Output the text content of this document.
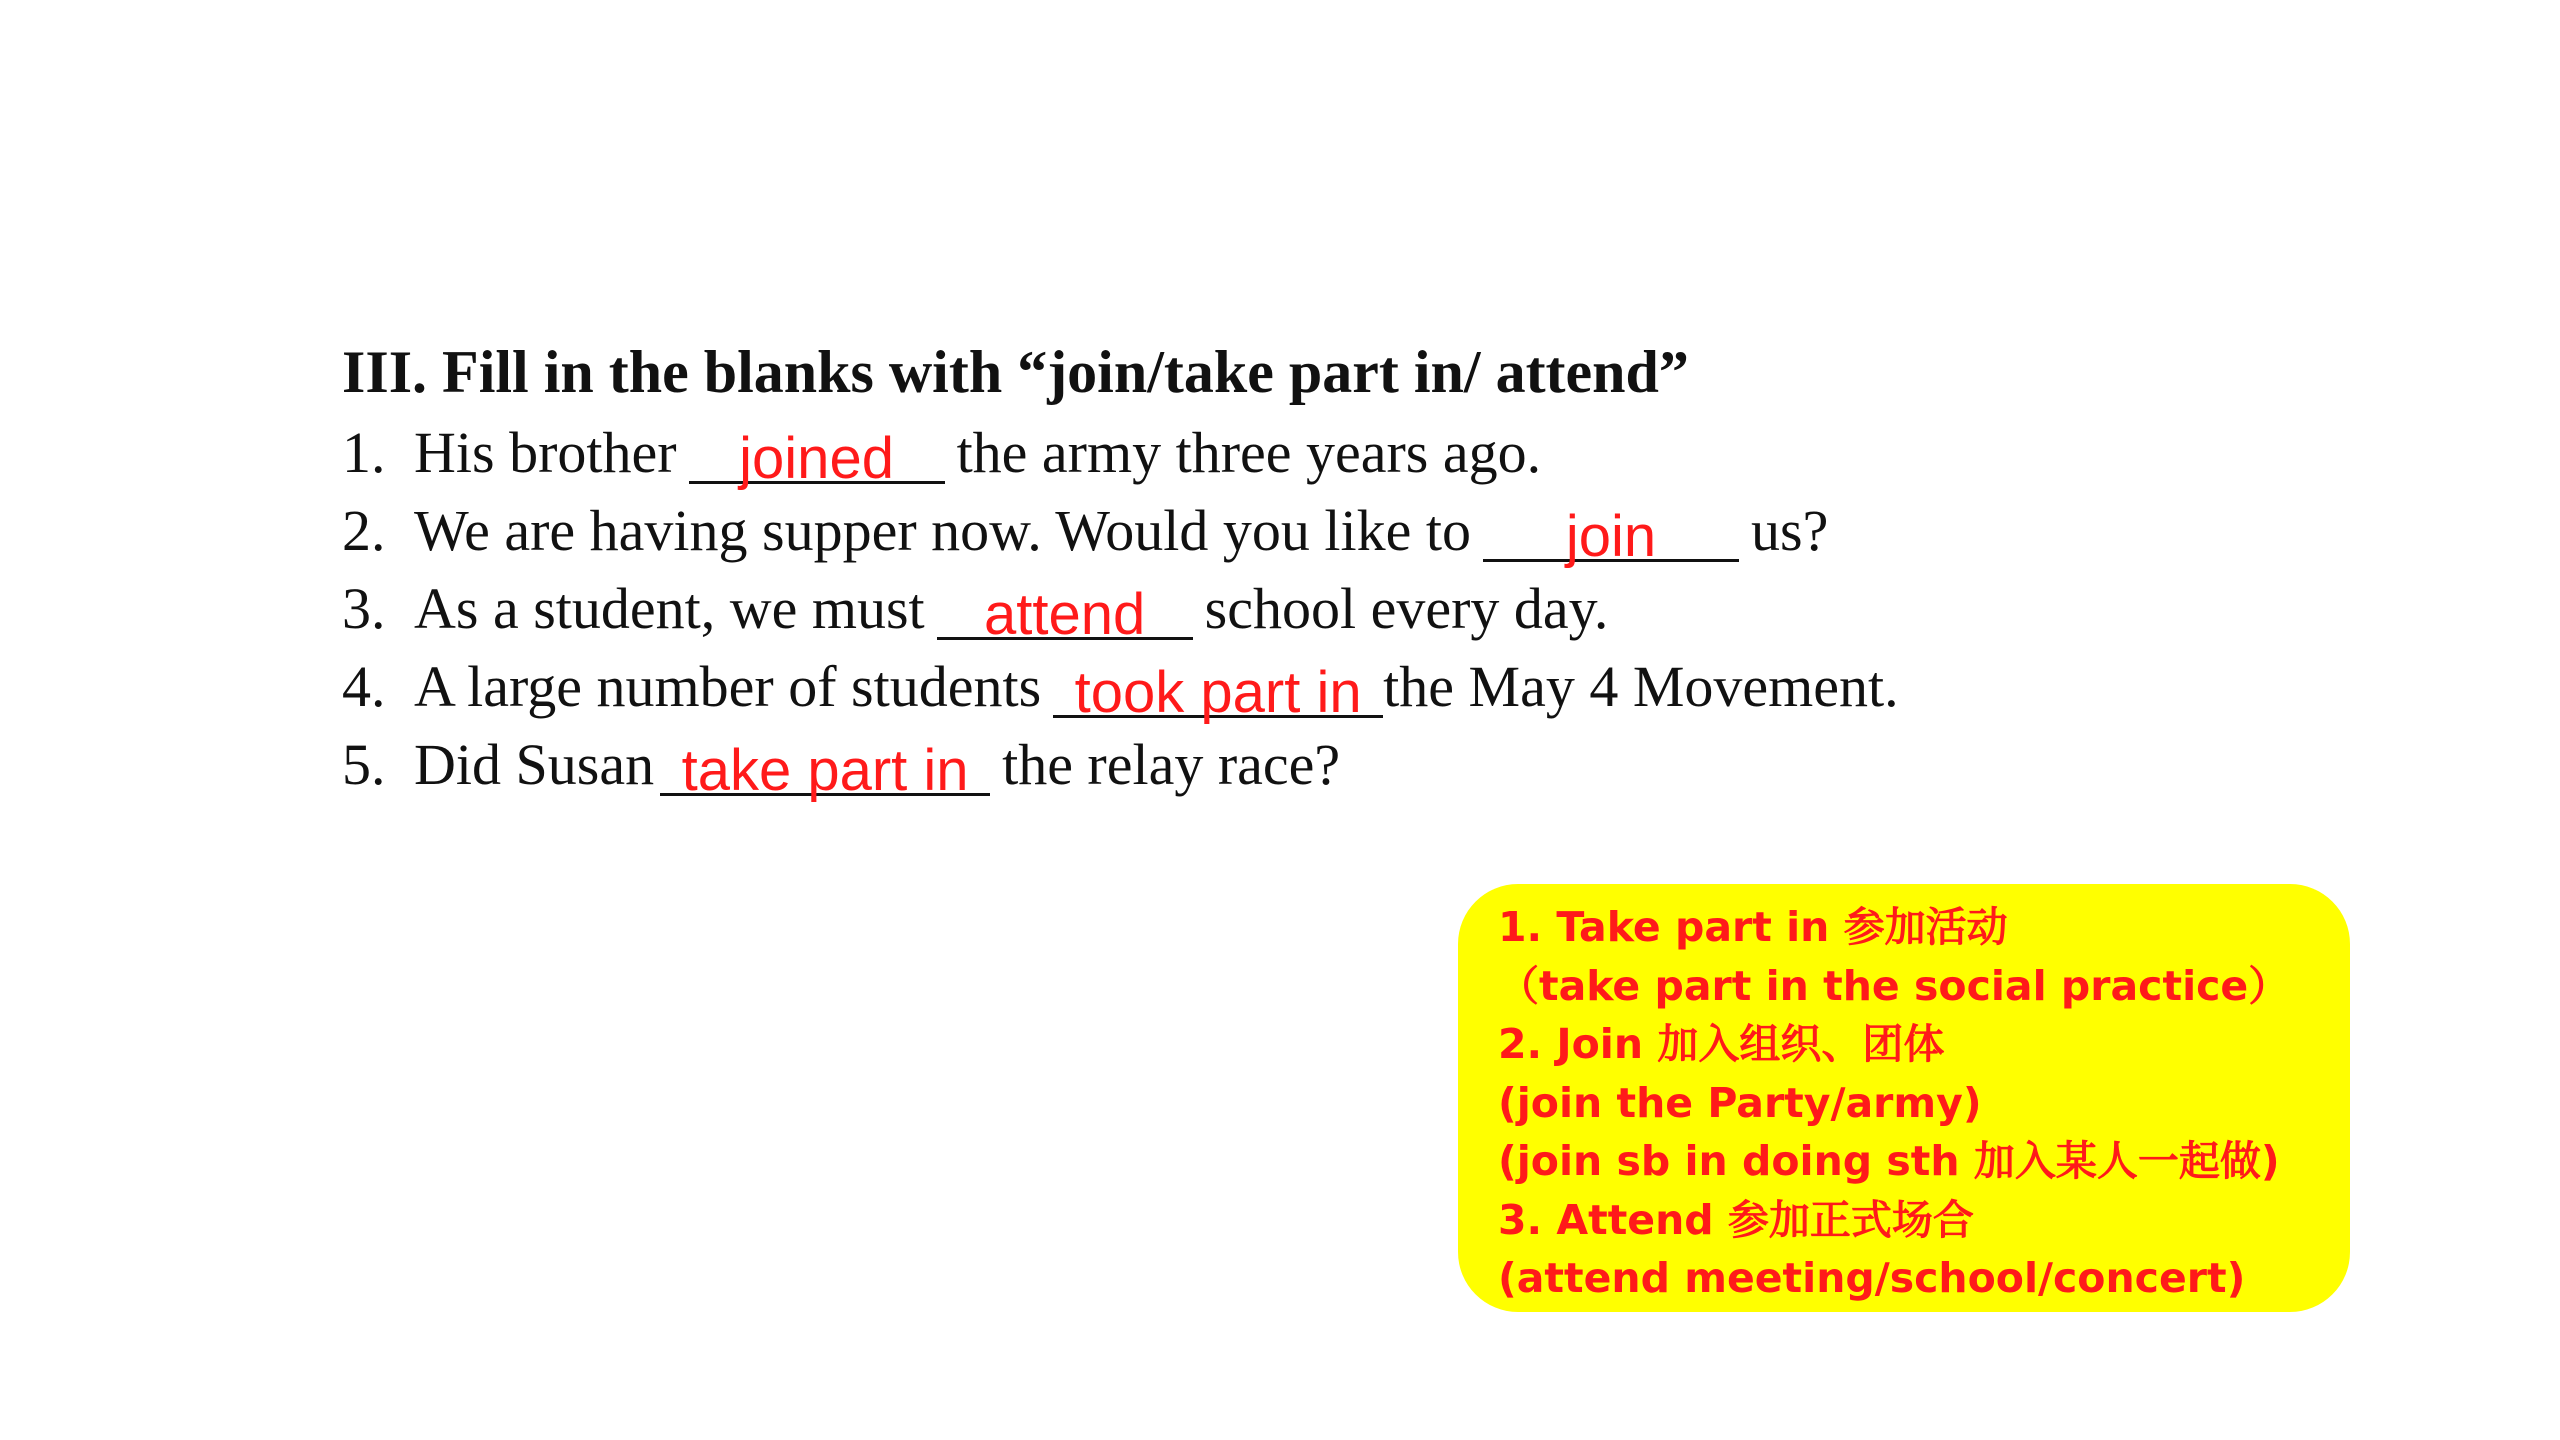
III. Fill in the blanks with “join/take part in/ attend”
1. His brother	joined	the army three years ago.
2. We are having supper now. Would you like to	join	us?
3. As a student, we must	attend	school every day.
4. A large number of students took part in the May 4 Movement.
5. Did Susan take part in the relay race?
1. Take part in 参加活动
（take part in the social practice）
2. Join 加入组织、团体
(join the Party/army)
(join sb in doing sth 加入某人一起做)
3. Attend 参加正式场合
(attend meeting/school/concert)
